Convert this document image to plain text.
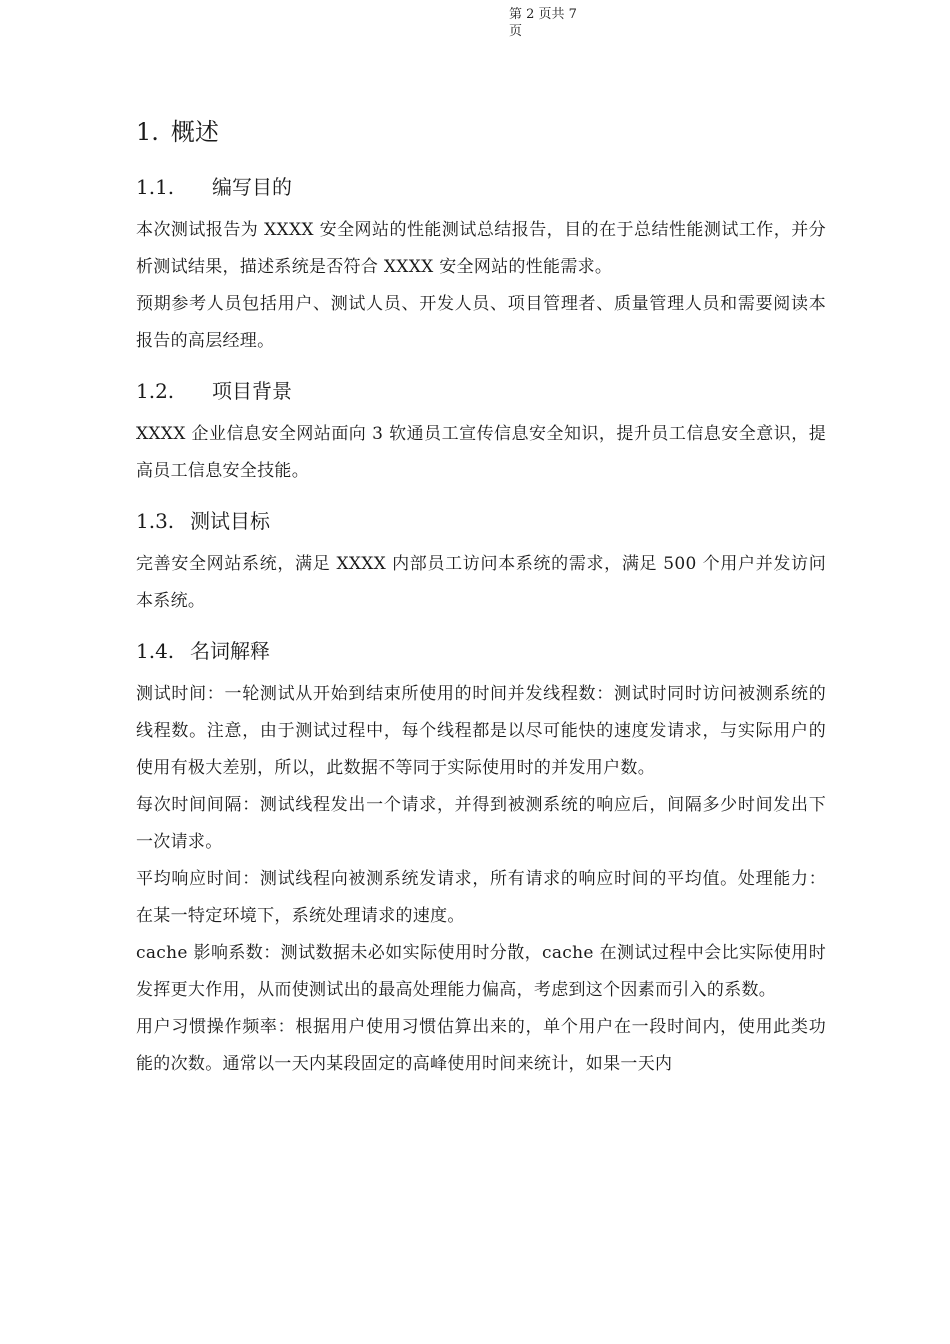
第 2 页共 7 页
1. 概述
1.1.	编写目的

本次测试报告为 XXXX 安全网站的性能测试总结报告，目的在于总结性能测试工作，并分析测试结果，描述系统是否符合 XXXX 安全网站的性能需求。

预期参考人员包括用户、测试人员、开发人员、项目管理者、质量管理人员和需要阅读本报告的高层经理。

1.2.	项目背景

XXXX 企业信息安全网站面向 3 软通员工宣传信息安全知识，提升员工信息安全意识，提高员工信息安全技能。

1.3. 测试目标

完善安全网站系统，满足 XXXX 内部员工访问本系统的需求，满足 500 个用户并发访问本系统。

1.4. 名词解释

测试时间：一轮测试从开始到结束所使用的时间并发线程数：测试时同时访问被测系统的线程数。注意，由于测试过程中，每个线程都是以尽可能快的速度发请求，与实际用户的使用有极大差别，所以，此数据不等同于实际使用时的并发用户数。

每次时间间隔：测试线程发出一个请求，并得到被测系统的响应后，间隔多少时间发出下一次请求。

平均响应时间：测试线程向被测系统发请求，所有请求的响应时间的平均值。处理能力：在某一特定环境下，系统处理请求的速度。

cache 影响系数：测试数据未必如实际使用时分散，cache 在测试过程中会比实际使用时发挥更大作用，从而使测试出的最高处理能力偏高，考虑到这个因素而引入的系数。

用户习惯操作频率：根据用户使用习惯估算出来的，单个用户在一段时间内，使用此类功能的次数。通常以一天内某段固定的高峰使用时间来统计，如果一天内
